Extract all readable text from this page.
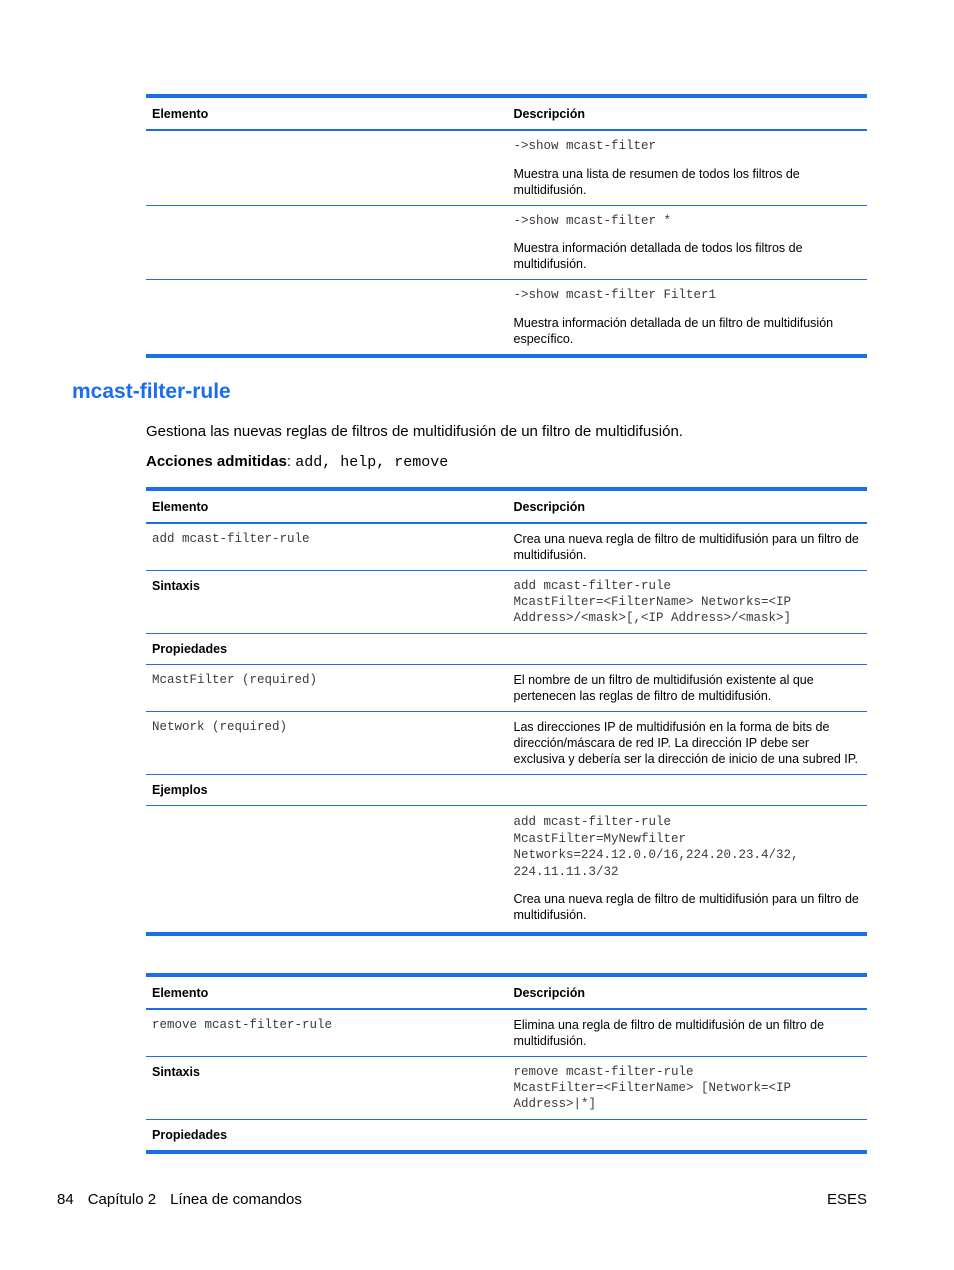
Elemento	Descripción

	->show mcast-filter

Muestra una lista de resumen de todos los filtros de multidifusión.

	->show mcast-filter *

Muestra información detallada de todos los filtros de multidifusión.

	->show mcast-filter Filter1

Muestra información detallada de un filtro de multidifusión específico.

mcast-filter-rule

Gestiona las nuevas reglas de filtros de multidifusión de un filtro de multidifusión.

Acciones admitidas: add, help, remove

Elemento	Descripción
add mcast-filter-rule	Crea una nueva regla de filtro de multidifusión para un filtro de multidifusión.
Sintaxis	add mcast-filter-rule
McastFilter=<FilterName> Networks=<IP
Address>/<mask>[,<IP Address>/<mask>]

Propiedades	
McastFilter (required)	El nombre de un filtro de multidifusión existente al que pertenecen las reglas de filtro de multidifusión.
Network (required)	Las direcciones IP de multidifusión en la forma de bits de dirección/máscara de red IP. La dirección IP debe ser exclusiva y debería ser la dirección de inicio de una subred IP.
Ejemplos	

	add mcast-filter-rule
McastFilter=MyNewfilter
Networks=224.12.0.0/16,224.20.23.4/32,
224.11.11.3/32

Crea una nueva regla de filtro de multidifusión para un filtro de multidifusión.

Elemento	Descripción
remove mcast-filter-rule	Elimina una regla de filtro de multidifusión de un filtro de multidifusión.
Sintaxis	remove mcast-filter-rule
McastFilter=<FilterName> [Network=<IP
Address>|*]

Propiedades	
84 Capítulo 2 Línea de comandos	ESES
